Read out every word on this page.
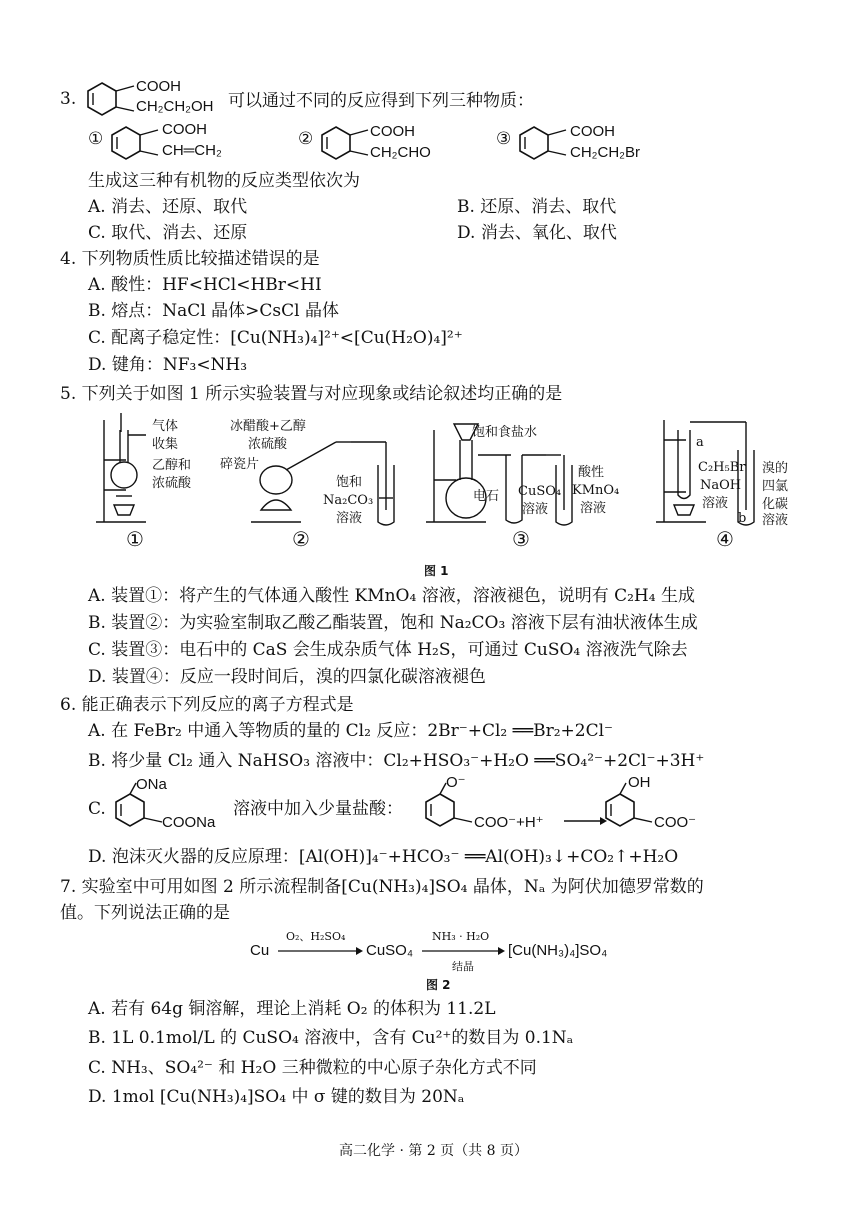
3.
COOH
CH₂CH₂OH 可以通过不同的反应得到下列三种物质：
①	COOH
CH═CH₂
②	COOH
CH₂CHO
③	COOH
CH₂CH₂Br
生成这三种有机物的反应类型依次为
A. 消去、还原、取代	B. 还原、消去、取代
C. 取代、消去、还原	D. 消去、氧化、取代
4. 下列物质性质比较描述错误的是
A. 酸性：HF<HCl<HBr<HI
B. 熔点：NaCl 晶体>CsCl 晶体
C. 配离子稳定性：[Cu(NH₃)₄]²⁺<[Cu(H₂O)₄]²⁺
D. 键角：NF₃<NH₃
5. 下列关于如图 1 所示实验装置与对应现象或结论叙述均正确的是
气体
收集
乙醇和
浓硫酸
冰醋酸+乙醇
浓硫酸
碎瓷片
饱和
Na₂CO₃
溶液
饱和食盐水
电石 CuSO₄
溶液
酸性
KMnO₄
溶液
a
C₂H₅Br
NaOH
溶液
b
溴的
四氯
化碳
溶液
①	②	③	④
图 1
A. 装置①：将产生的气体通入酸性 KMnO₄ 溶液，溶液褪色，说明有 C₂H₄ 生成
B. 装置②：为实验室制取乙酸乙酯装置，饱和 Na₂CO₃ 溶液下层有油状液体生成
C. 装置③：电石中的 CaS 会生成杂质气体 H₂S，可通过 CuSO₄ 溶液洗气除去
D. 装置④：反应一段时间后，溴的四氯化碳溶液褪色
6. 能正确表示下列反应的离子方程式是
A. 在 FeBr₂ 中通入等物质的量的 Cl₂ 反应：2Br⁻+Cl₂ ══Br₂+2Cl⁻
B. 将少量 Cl₂ 通入 NaHSO₃ 溶液中：Cl₂+HSO₃⁻+H₂O ══SO₄²⁻+2Cl⁻+3H⁺
C.
ONa
COONa
溶液中加入少量盐酸：
O⁻
COO⁻+H⁺
OH
COO⁻
D. 泡沫灭火器的反应原理：[Al(OH)]₄⁻+HCO₃⁻ ══Al(OH)₃↓+CO₂↑+H₂O
7. 实验室中可用如图 2 所示流程制备[Cu(NH₃)₄]SO₄ 晶体，Nₐ 为阿伏加德罗常数的
值。下列说法正确的是
Cu
O₂、H₂SO₄
CuSO₄
NH₃ · H₂O
结晶
[Cu(NH₃)₄]SO₄
图 2
A. 若有 64g 铜溶解，理论上消耗 O₂ 的体积为 11.2L
B. 1L 0.1mol/L 的 CuSO₄ 溶液中，含有 Cu²⁺的数目为 0.1Nₐ
C. NH₃、SO₄²⁻ 和 H₂O 三种微粒的中心原子杂化方式不同
D. 1mol [Cu(NH₃)₄]SO₄ 中 σ 键的数目为 20Nₐ
高二化学 · 第 2 页（共 8 页）
